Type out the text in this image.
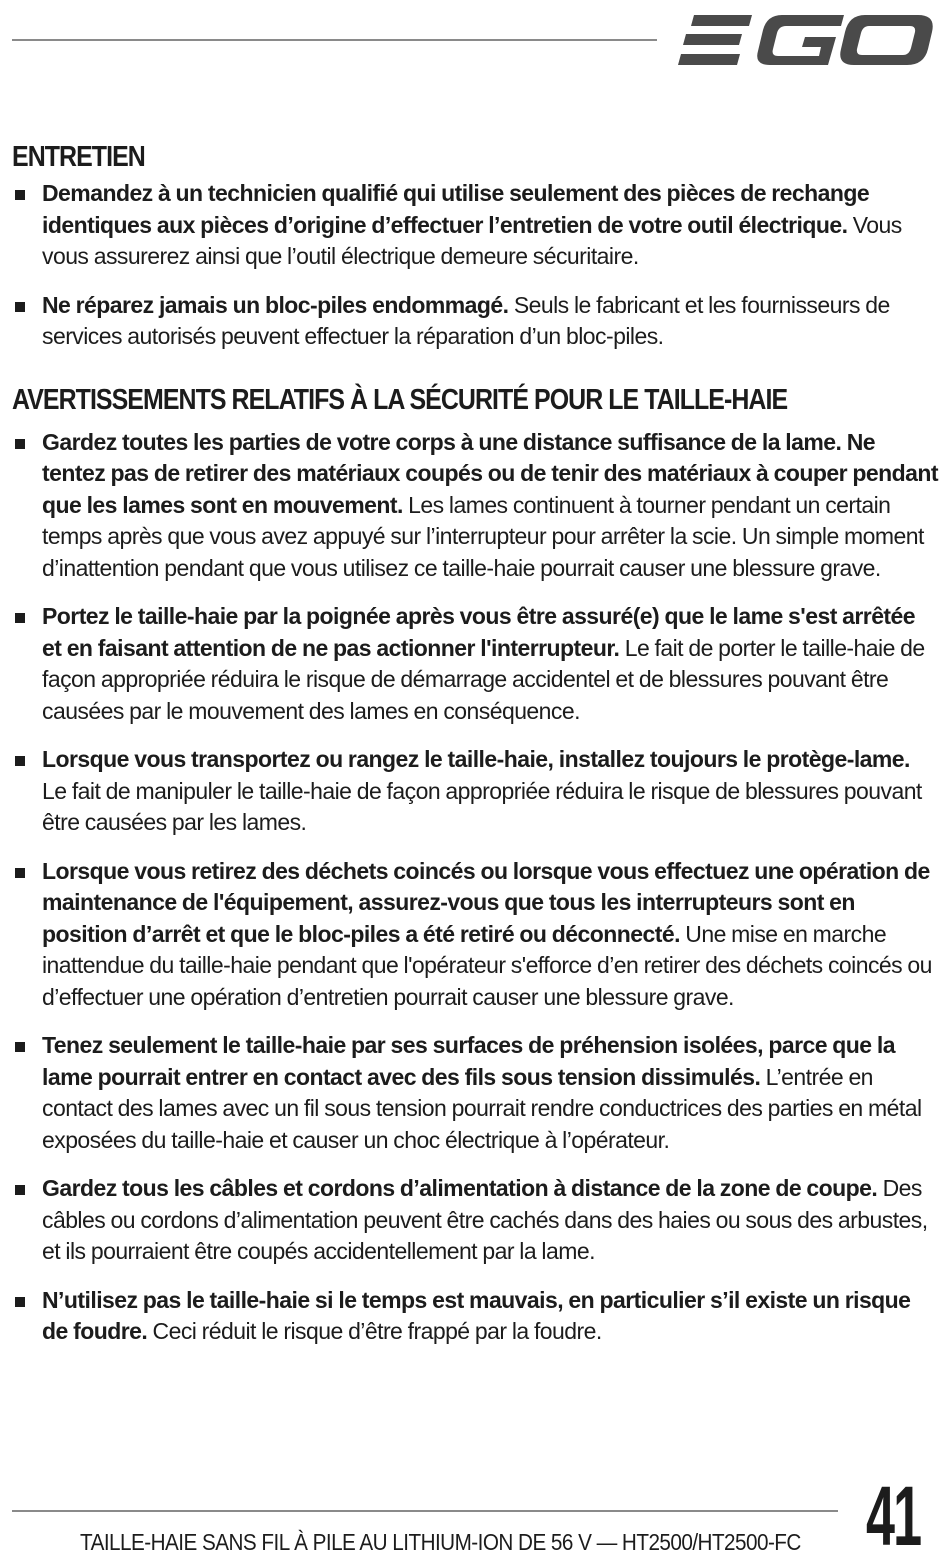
ENTRETIEN
Demandez à un technicien qualifié qui utilise seulement des pièces de rechange identiques aux pièces d’origine d’effectuer l’entretien de votre outil électrique. Vous vous assurerez ainsi que l’outil électrique demeure sécuritaire.
Ne réparez jamais un bloc-piles endommagé. Seuls le fabricant et les fournisseurs de services autorisés peuvent effectuer la réparation d’un bloc-piles.
AVERTISSEMENTS RELATIFS À LA SÉCURITÉ POUR LE TAILLE-HAIE
Gardez toutes les parties de votre corps à une distance suffisance de la lame. Ne tentez pas de retirer des matériaux coupés ou de tenir des matériaux à couper pendant que les lames sont en mouvement. Les lames continuent à tourner pendant un certain temps après que vous avez appuyé sur l’interrupteur pour arrêter la scie. Un simple moment d’inattention pendant que vous utilisez ce taille-haie pourrait causer une blessure grave.
Portez le taille-haie par la poignée après vous être assuré(e) que le lame s'est arrêtée et en faisant attention de ne pas actionner l'interrupteur. Le fait de porter le taille-haie de façon appropriée réduira le risque de démarrage accidentel et de blessures pouvant être causées par le mouvement des lames en conséquence.
Lorsque vous transportez ou rangez le taille-haie, installez toujours le protège-lame. Le fait de manipuler le taille-haie de façon appropriée réduira le risque de blessures pouvant être causées par les lames.
Lorsque vous retirez des déchets coincés ou lorsque vous effectuez une opération de maintenance de l'équipement, assurez-vous que tous les interrupteurs sont en position d’arrêt et que le bloc-piles a été retiré ou déconnecté. Une mise en marche inattendue du taille-haie pendant que l'opérateur s'efforce d’en retirer des déchets coincés ou d’effectuer une opération d’entretien pourrait causer une blessure grave.
Tenez seulement le taille-haie par ses surfaces de préhension isolées, parce que la lame pourrait entrer en contact avec des fils sous tension dissimulés. L’entrée en contact des lames avec un fil sous tension pourrait rendre conductrices des parties en métal exposées du taille-haie et causer un choc électrique à l’opérateur.
Gardez tous les câbles et cordons d’alimentation à distance de la zone de coupe. Des câbles ou cordons d’alimentation peuvent être cachés dans des haies ou sous des arbustes, et ils pourraient être coupés accidentellement par la lame.
N’utilisez pas le taille-haie si le temps est mauvais, en particulier s’il existe un risque de foudre. Ceci réduit le risque d’être frappé par la foudre.
TAILLE-HAIE SANS FIL À PILE AU LITHIUM-ION DE 56 V — HT2500/HT2500-FC 41
